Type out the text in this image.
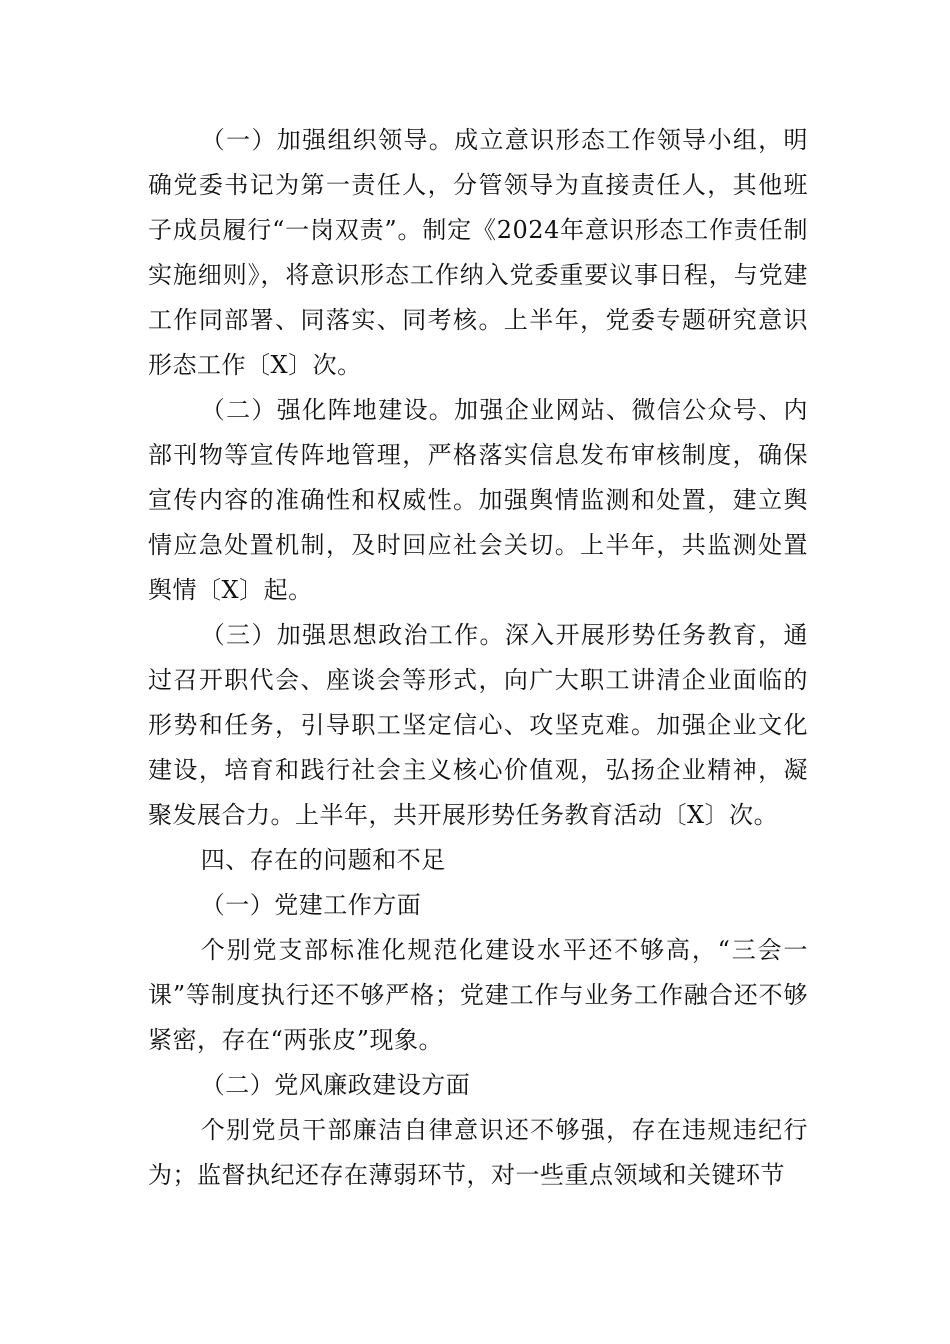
（一）加强组织领导。成立意识形态工作领导小组，明确党委书记为第一责任人，分管领导为直接责任人，其他班子成员履行“一岗双责”。制定《2024年意识形态工作责任制实施细则》，将意识形态工作纳入党委重要议事日程，与党建工作同部署、同落实、同考核。上半年，党委专题研究意识形态工作〔X〕次。

（二）强化阵地建设。加强企业网站、微信公众号、内部刊物等宣传阵地管理，严格落实信息发布审核制度，确保宣传内容的准确性和权威性。加强舆情监测和处置，建立舆情应急处置机制，及时回应社会关切。上半年，共监测处置舆情〔X〕起。

（三）加强思想政治工作。深入开展形势任务教育，通过召开职代会、座谈会等形式，向广大职工讲清企业面临的形势和任务，引导职工坚定信心、攻坚克难。加强企业文化建设，培育和践行社会主义核心价值观，弘扬企业精神，凝聚发展合力。上半年，共开展形势任务教育活动〔X〕次。

四、存在的问题和不足

（一）党建工作方面

个别党支部标准化规范化建设水平还不够高，“三会一课”等制度执行还不够严格；党建工作与业务工作融合还不够紧密，存在“两张皮”现象。

（二）党风廉政建设方面

个别党员干部廉洁自律意识还不够强，存在违规违纪行为；监督执纪还存在薄弱环节，对一些重点领域和关键环节
